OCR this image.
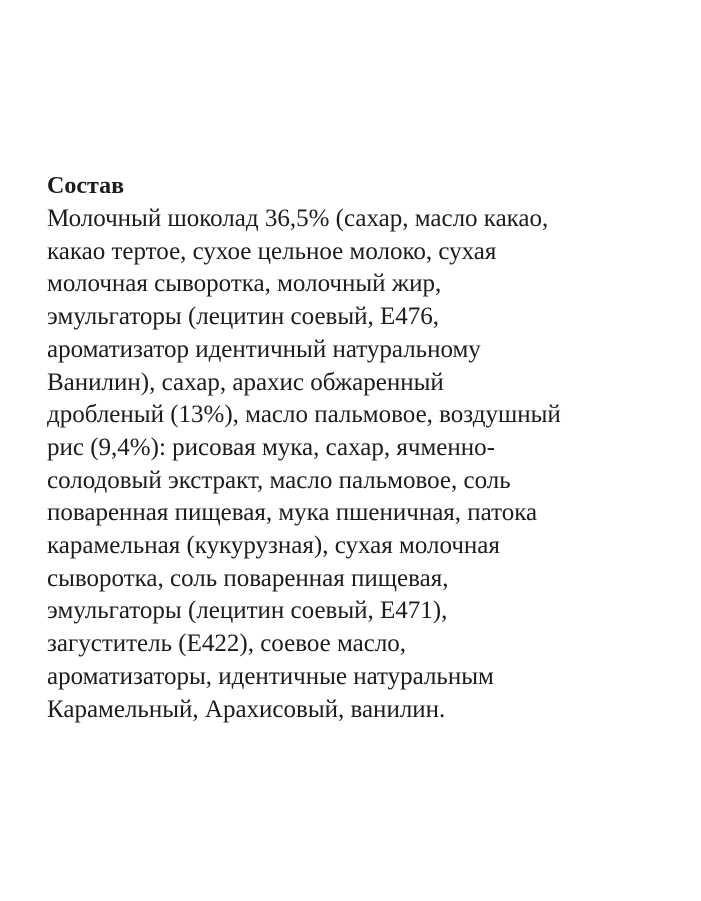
Состав
Молочный шоколад 36,5% (сахар, масло какао,
какао тертое, сухое цельное молоко, сухая
молочная сыворотка, молочный жир,
эмульгаторы (лецитин соевый, Е476,
ароматизатор идентичный натуральному
Ванилин), сахар, арахис обжаренный
дробленый (13%), масло пальмовое, воздушный
рис (9,4%): рисовая мука, сахар, ячменно-
солодовый экстракт, масло пальмовое, соль
поваренная пищевая, мука пшеничная, патока
карамельная (кукурузная), сухая молочная
сыворотка, соль поваренная пищевая,
эмульгаторы (лецитин соевый, Е471),
загуститель (Е422), соевое масло,
ароматизаторы, идентичные натуральным
Карамельный, Арахисовый, ванилин.
